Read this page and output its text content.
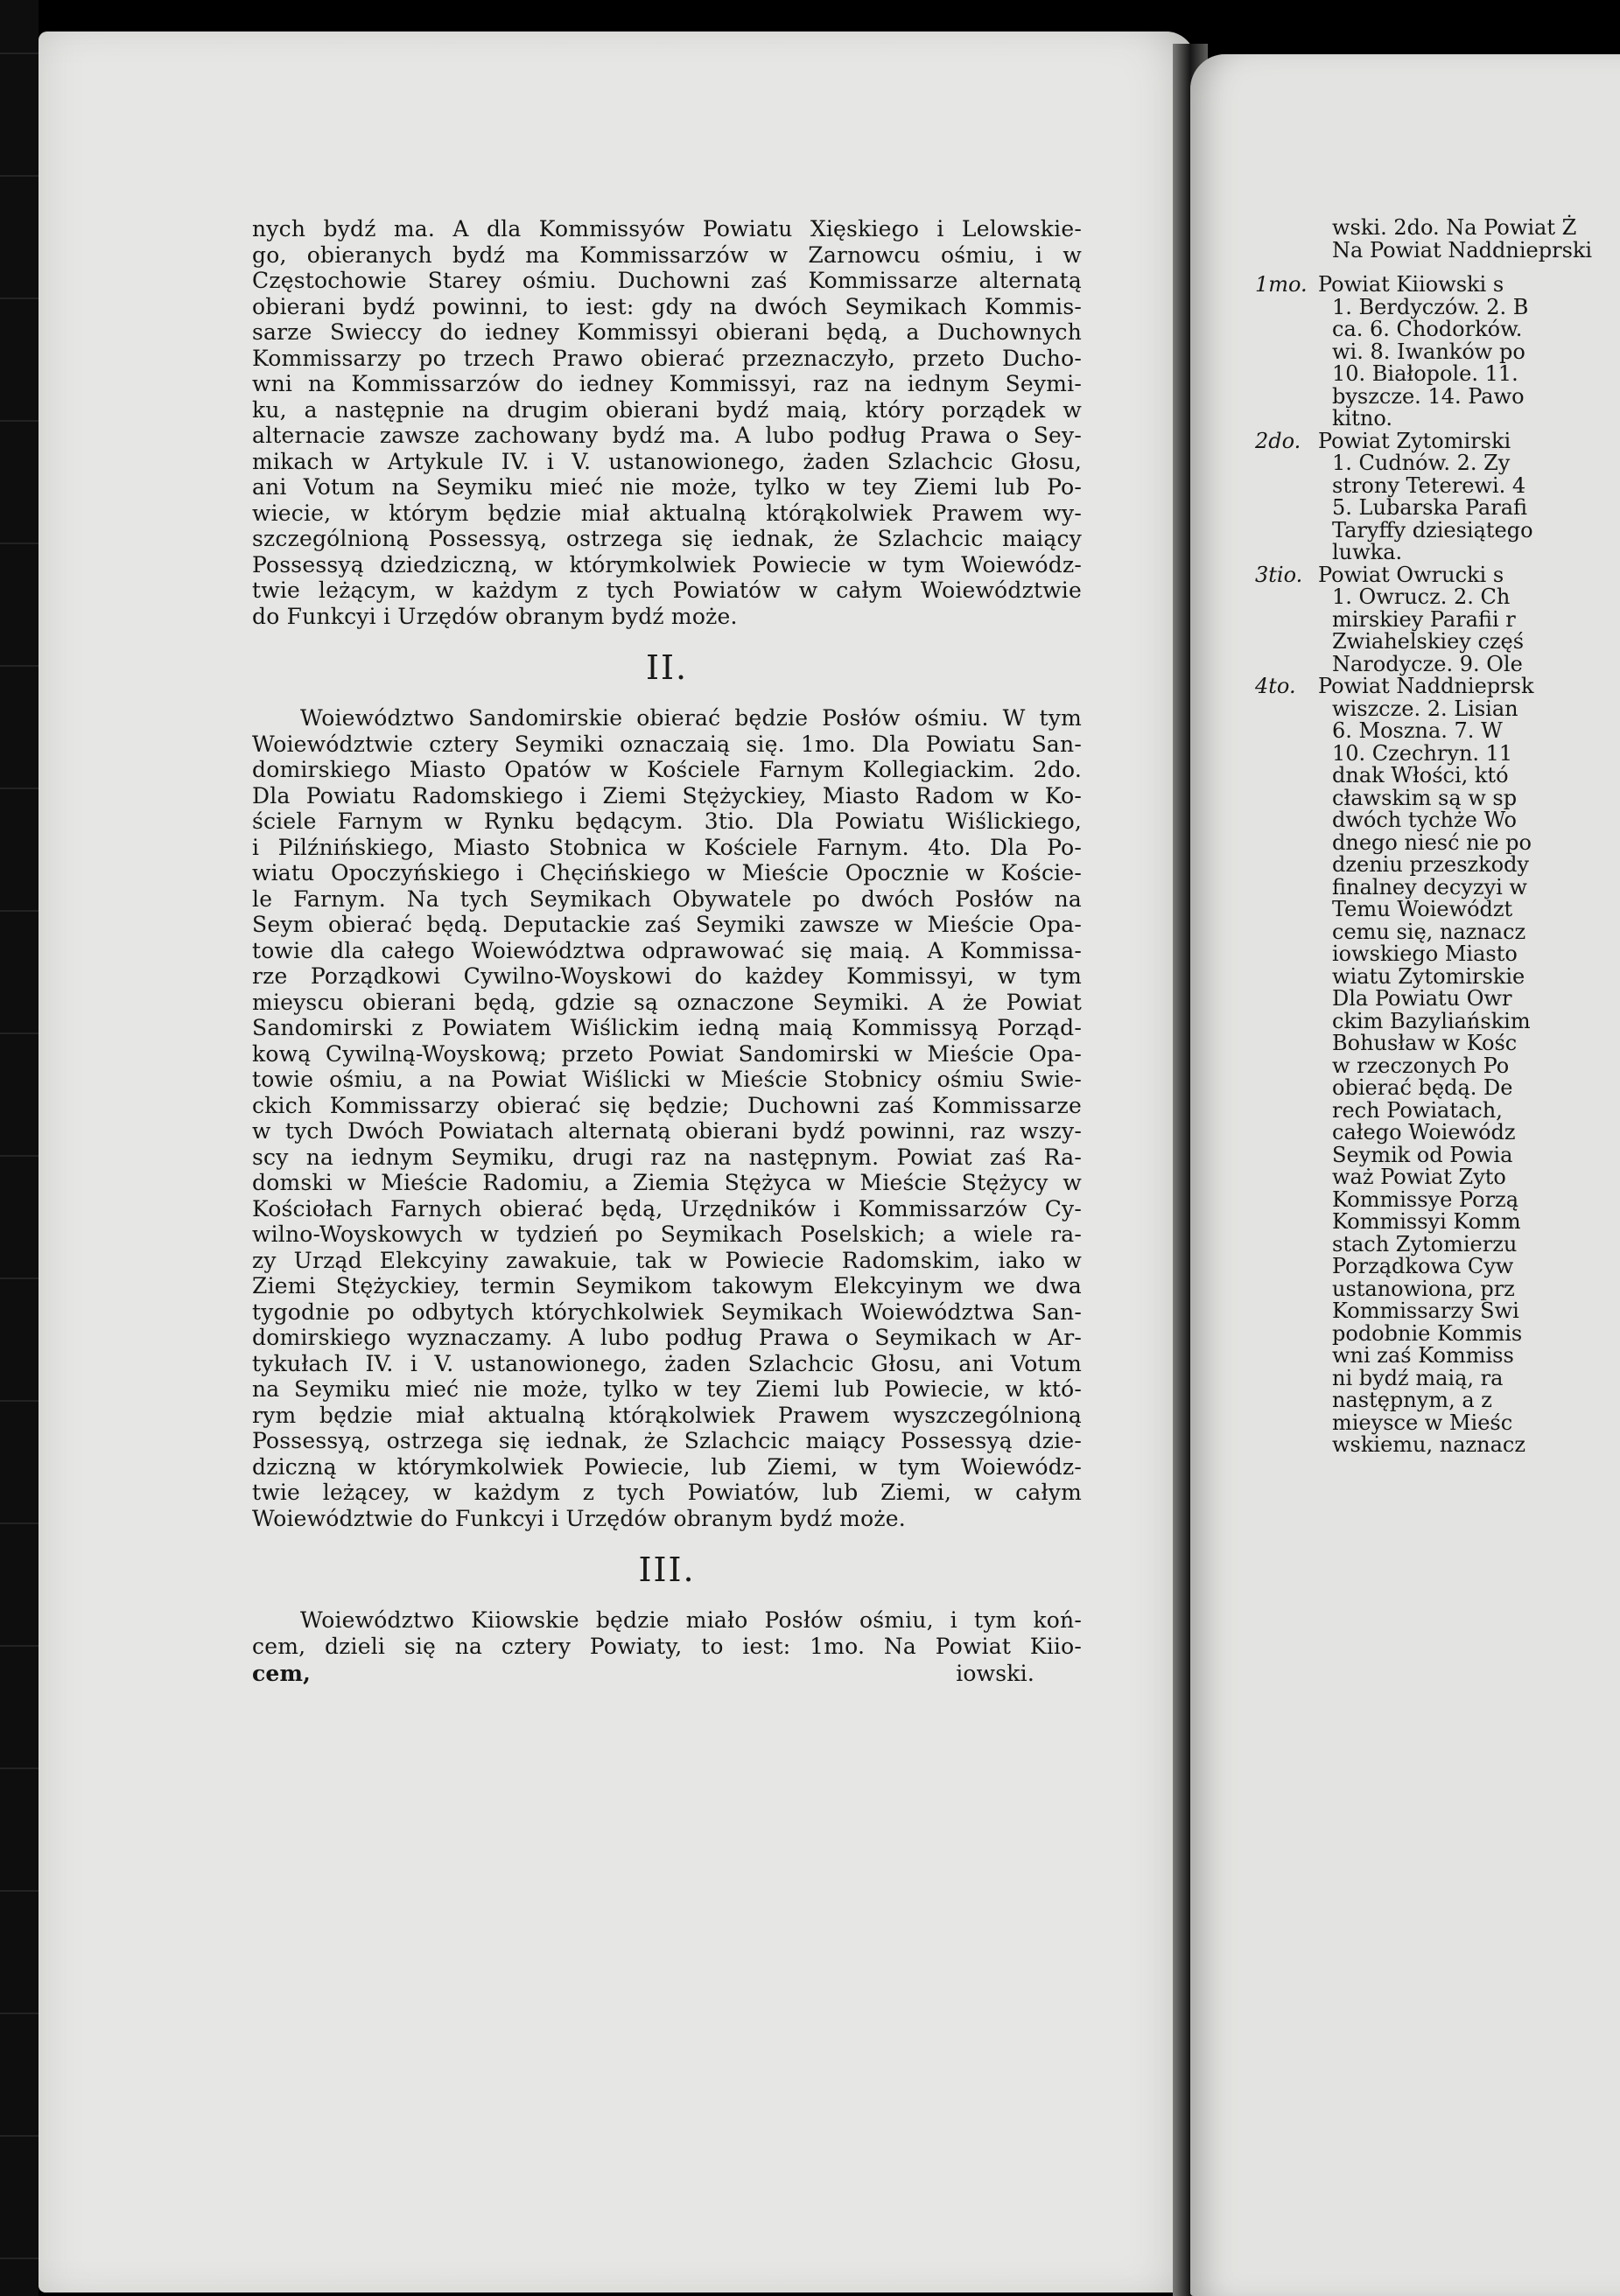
nych bydź ma. A dla Kommissyów Powiatu Xięskiego i Lelowskie-
go, obieranych bydź ma Kommissarzów w Zarnowcu ośmiu, i w
Częstochowie Starey ośmiu. Duchowni zaś Kommissarze alternatą
obierani bydź powinni, to iest: gdy na dwóch Seymikach Kommis-
sarze Swieccy do iedney Kommissyi obierani będą, a Duchownych
Kommissarzy po trzech Prawo obierać przeznaczyło, przeto Ducho-
wni na Kommissarzów do iedney Kommissyi, raz na iednym Seymi-
ku, a następnie na drugim obierani bydź maią, który porządek w
alternacie zawsze zachowany bydź ma. A lubo podług Prawa o Sey-
mikach w Artykule IV. i V. ustanowionego, żaden Szlachcic Głosu,
ani Votum na Seymiku mieć nie może, tylko w tey Ziemi lub Po-
wiecie, w którym będzie miał aktualną którąkolwiek Prawem wy-
szczególnioną Possessyą, ostrzega się iednak, że Szlachcic maiący
Possessyą dziedziczną, w którymkolwiek Powiecie w tym Woiewódz-
twie leżącym, w każdym z tych Powiatów w całym Woiewództwie
do Funkcyi i Urzędów obranym bydź może.
II.
Woiewództwo Sandomirskie obierać będzie Posłów ośmiu. W tym
Woiewództwie cztery Seymiki oznaczaią się. 1mo. Dla Powiatu San-
domirskiego Miasto Opatów w Kościele Farnym Kollegiackim. 2do.
Dla Powiatu Radomskiego i Ziemi Stężyckiey, Miasto Radom w Ko-
ściele Farnym w Rynku będącym. 3tio. Dla Powiatu Wiślickiego,
i Pilźnińskiego, Miasto Stobnica w Kościele Farnym. 4to. Dla Po-
wiatu Opoczyńskiego i Chęcińskiego w Mieście Opocznie w Koście-
le Farnym. Na tych Seymikach Obywatele po dwóch Posłów na
Seym obierać będą. Deputackie zaś Seymiki zawsze w Mieście Opa-
towie dla całego Woiewództwa odprawować się maią. A Kommissa-
rze Porządkowi Cywilno-Woyskowi do każdey Kommissyi, w tym
mieyscu obierani będą, gdzie są oznaczone Seymiki. A że Powiat
Sandomirski z Powiatem Wiślickim iedną maią Kommissyą Porząd-
kową Cywilną-Woyskową; przeto Powiat Sandomirski w Mieście Opa-
towie ośmiu, a na Powiat Wiślicki w Mieście Stobnicy ośmiu Swie-
ckich Kommissarzy obierać się będzie; Duchowni zaś Kommissarze
w tych Dwóch Powiatach alternatą obierani bydź powinni, raz wszy-
scy na iednym Seymiku, drugi raz na następnym. Powiat zaś Ra-
domski w Mieście Radomiu, a Ziemia Stężyca w Mieście Stężycy w
Kościołach Farnych obierać będą, Urzędników i Kommissarzów Cy-
wilno-Woyskowych w tydzień po Seymikach Poselskich; a wiele ra-
zy Urząd Elekcyiny zawakuie, tak w Powiecie Radomskim, iako w
Ziemi Stężyckiey, termin Seymikom takowym Elekcyinym we dwa
tygodnie po odbytych którychkolwiek Seymikach Woiewództwa San-
domirskiego wyznaczamy. A lubo podług Prawa o Seymikach w Ar-
tykułach IV. i V. ustanowionego, żaden Szlachcic Głosu, ani Votum
na Seymiku mieć nie może, tylko w tey Ziemi lub Powiecie, w któ-
rym będzie miał aktualną którąkolwiek Prawem wyszczególnioną
Possessyą, ostrzega się iednak, że Szlachcic maiący Possessyą dzie-
dziczną w którymkolwiek Powiecie, lub Ziemi, w tym Woiewódz-
twie leżącey, w każdym z tych Powiatów, lub Ziemi, w całym
Woiewództwie do Funkcyi i Urzędów obranym bydź może.
III.
Woiewództwo Kiiowskie będzie miało Posłów ośmiu, i tym koń-
cem, dzieli się na cztery Powiaty, to iest: 1mo. Na Powiat Kiio-
cem,	iowski.
wski. 2do. Na Powiat Ż
Na Powiat Naddnieprski
1mo. Powiat Kiiowski s
1. Berdyczów. 2. B
ca. 6. Chodorków.
wi. 8. Iwanków po
10. Białopole. 11.
byszcze. 14. Pawo
kitno.
2do. Powiat Zytomirski
1. Cudnów. 2. Zy
strony Teterewi. 4
5. Lubarska Parafi
Taryffy dziesiątego
luwka.
3tio. Powiat Owrucki s
1. Owrucz. 2. Ch
mirskiey Parafii r
Zwiahelskiey częś
Narodycze. 9. Ole
4to. Powiat Naddnieprsk
wiszcze. 2. Lisian
6. Moszna. 7. W
10. Czechryn. 11
dnak Włości, któ
cławskim są w sp
dwóch tychże Wo
dnego niesć nie po
dzeniu przeszkody
finalney decyzyi w
Temu Woiewództ
cemu się, naznacz
iowskiego Miasto
wiatu Zytomirskie
Dla Powiatu Owr
ckim Bazyliańskim
Bohusław w Kośc
w rzeczonych Po
obierać będą. De
rech Powiatach,
całego Woiewódz
Seymik od Powia
waż Powiat Zyto
Kommissye Porzą
Kommissyi Komm
stach Zytomierzu
Porządkowa Cyw
ustanowiona, prz
Kommissarzy Swi
podobnie Kommis
wni zaś Kommiss
ni bydź maią, ra
następnym, a z
mieysce w Mieśc
wskiemu, naznacz
